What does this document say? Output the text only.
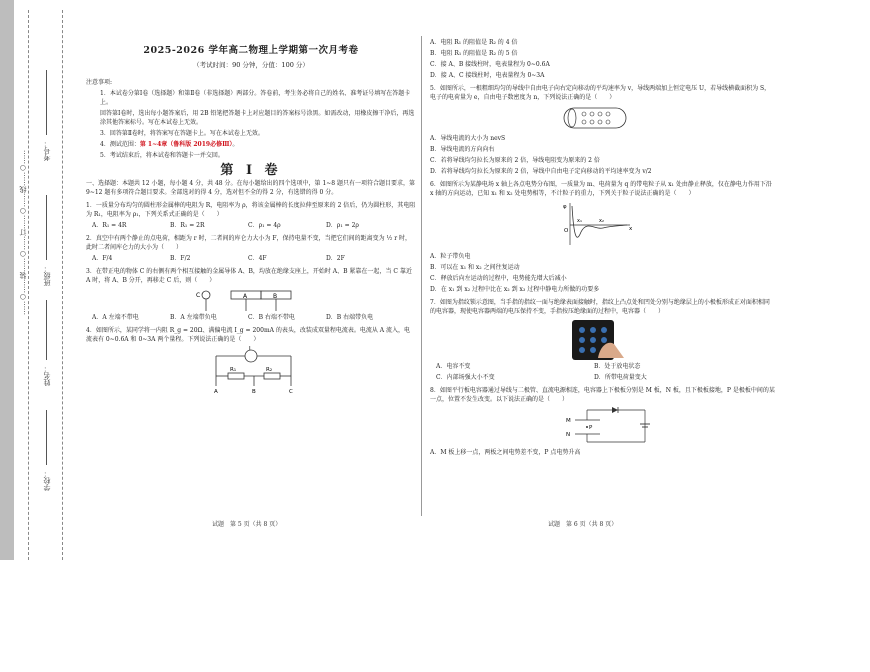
……○……装……○……订……○……线……○……
学校：
姓名：
班级：
考号：
2025-2026 学年高二物理上学期第一次月考卷
（考试时间：90 分钟，分值：100 分）

注意事项:

1．本试卷分第Ⅰ卷（选择题）和第Ⅱ卷（非选择题）两部分。答卷前，考生务必将自己的姓名、准考证号填写在答题卡上。

回答第Ⅰ卷时，选出每小题答案后，用 2B 铅笔把答题卡上对应题目的答案标号涂黑。如需改动，用橡皮擦干净后，再选涂其他答案标号。写在本试卷上无效。

3．回答第Ⅱ卷时，将答案写在答题卡上。写在本试卷上无效。

4．测试范围：第 1~4章（鲁科版 2019必修Ⅲ）。

5．考试结束后，将本试卷和答题卡一并交回。

第 Ⅰ 卷

一、选择题：本题共 12 小题，每小题 4 分，共 48 分。在每小题给出的四个选项中，第 1~8 题只有一项符合题目要求，第 9~12 题有多项符合题目要求。全部选对的得 4 分，选对但不全的得 2 分，有选错的得 0 分。

1．一质量分布均匀的圆柱形金属棒的电阻为 R，电阻率为 ρ，将该金属棒的长度拉伸至原来的 2 倍后，仍为圆柱形，其电阻为 R₁，电阻率为 ρ₁，下列关系式正确的是（　　）

A．R₁ = 4R	B．R₁ = 2R	C．ρ₁ = 4ρ	D．ρ₁ = 2ρ

2．真空中有两个静止的点电荷，相距为 r 时，二者间的库仑力大小为 F，保持电量不变，当把它们间的距离变为 ½ r 时，此时二者间库仑力的大小为（　　）

A．F/4	B．F/2	C．4F	D．2F

3．在带正电的物体 C 的右侧有两个相互接触的金属导体 A、B，均放在绝缘支座上，开始时 A、B 紧靠在一起，当 C 靠近 A 时，将 A、B 分开，再移走 C 后，则（　　）

C	A	B
A．A 左端不带电	B．A 左端带负电	C．B 右端不带电	D．B 右端带负电

4．如图所示，某同学将一内阻 R_g = 20Ω、满偏电流 I_g = 200mA 的表头，改装成双量程电流表。电流从 A 流入，电流表有 0~0.6A 和 0~3A 两个量程。下列说法正确的是（　　）

I
R₁	R₂
A	B	C
试题　第 5 页（共 8 页）

A．电阻 R₁ 的阻值是 R₂ 的 4 倍

B．电阻 R₁ 的阻值是 R₂ 的 5 倍

C．接 A、B 接线柱时，电表量程为 0~0.6A

D．接 A、C 接线柱时，电表量程为 0~3A

5．如图所示，一根粗细均匀的导线中自由电子向右定向移动的平均速率为 v，导线两端加上恒定电压 U，若导线横截面积为 S，电子的电荷量为 e，自由电子数密度为 n，下列说法正确的是（　　）

A．导线电流的大小为 nevS

B．导线电流的方向向右

C．若将导线均匀拉长为原来的 2 倍，导线电阻变为原来的 2 倍

D．若将导线均匀拉长为原来的 2 倍，导线中自由电子定向移动的平均速率变为 v/2

6．如图所示为某静电场 x 轴上各点电势分布图，一质量为 m、电荷量为 q 的带电粒子从 x₁ 处由静止释放，仅在静电力作用下沿 x 轴的方向运动，已知 x₁ 和 x₂ 处电势相等，不计粒子的重力，下列关于粒子说法正确的是（　　）

φ
O
x₁	x₂
x

A．粒子带负电

B．可以在 x₁ 和 x₂ 之间往复运动

C．释放后向左运动的过程中，电势能先增大后减小

D．在 x₁ 到 x₂ 过程中比在 x₂ 到 x₃ 过程中静电力所做的功要多

7．如图为指纹锁示意图，当手指的指纹一面与绝缘表面接触时，指纹上凸点处和凹处分别与绝缘层上的小极板形成正对面积相同的电容器，现使电容器两端的电压保持不变，手指按压绝缘面的过程中，电容器（　　）

A．电容不变	B．处于放电状态
C．内部场强大小不变	D．所带电荷量变大

8．如图平行板电容器通过导线与二极管、直流电源相连，电容器上下极板分别是 M 板，N 板，且下极板接地，P 是极板中间的某一点，位置不发生改变。以下说法正确的是（　　）

M
P
N

A．M 板上移一点，两板之间电势差不变，P 点电势升高

试题　第 6 页（共 8 页）
